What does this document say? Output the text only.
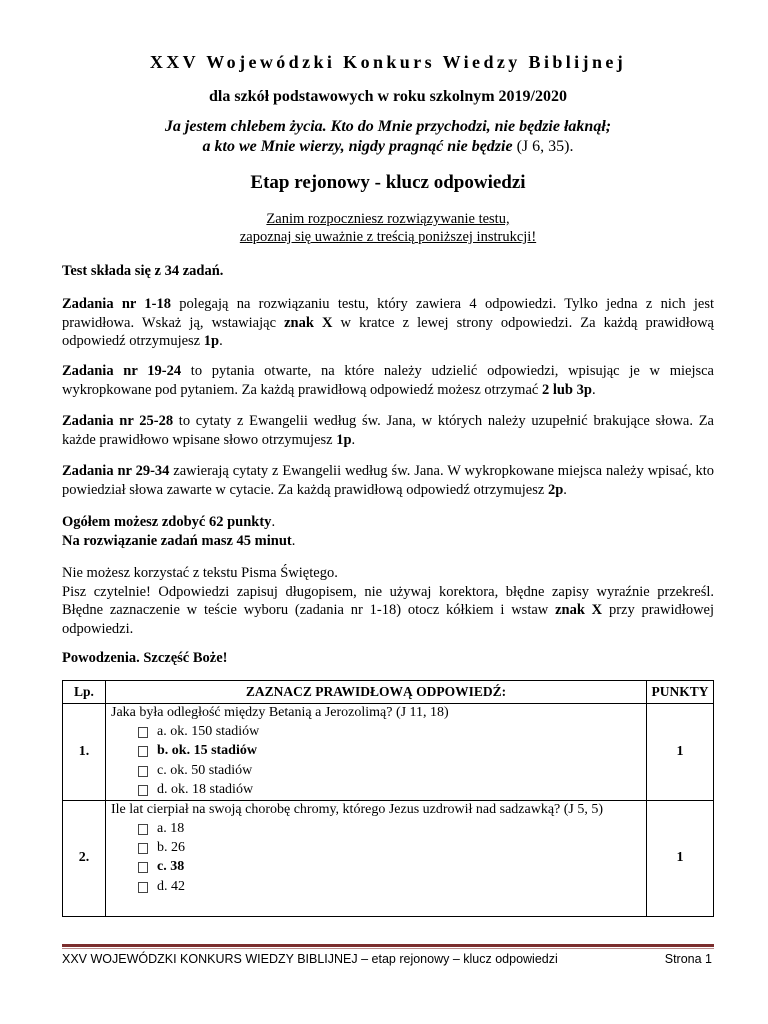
XXV Wojewódzki Konkurs Wiedzy Biblijnej
dla szkół podstawowych w roku szkolnym 2019/2020
Ja jestem chlebem życia. Kto do Mnie przychodzi, nie będzie łaknął;
a kto we Mnie wierzy, nigdy pragnąć nie będzie (J 6, 35).
Etap rejonowy - klucz odpowiedzi
Zanim rozpoczniesz rozwiązywanie testu,
zapoznaj się uważnie z treścią poniższej instrukcji!
Test składa się z 34 zadań.
Zadania nr 1-18 polegają na rozwiązaniu testu, który zawiera 4 odpowiedzi. Tylko jedna z nich jest prawidłowa. Wskaż ją, wstawiając znak X w kratce z lewej strony odpowiedzi. Za każdą prawidłową odpowiedź otrzymujesz 1p.
Zadania nr 19-24 to pytania otwarte, na które należy udzielić odpowiedzi, wpisując je w miejsca wykropkowane pod pytaniem. Za każdą prawidłową odpowiedź możesz otrzymać 2 lub 3p.
Zadania nr 25-28 to cytaty z Ewangelii według św. Jana, w których należy uzupełnić brakujące słowa. Za każde prawidłowo wpisane słowo otrzymujesz 1p.
Zadania nr 29-34 zawierają cytaty z Ewangelii według św. Jana. W wykropkowane miejsca należy wpisać, kto powiedział słowa zawarte w cytacie. Za każdą prawidłową odpowiedź otrzymujesz 2p.
Ogółem możesz zdobyć 62 punkty.
Na rozwiązanie zadań masz 45 minut.
Nie możesz korzystać z tekstu Pisma Świętego.
Pisz czytelnie! Odpowiedzi zapisuj długopisem, nie używaj korektora, błędne zapisy wyraźnie przekreśl. Błędne zaznaczenie w teście wyboru (zadania nr 1-18) otocz kółkiem i wstaw znak X przy prawidłowej odpowiedzi.
Powodzenia. Szczęść Boże!
Lp.	ZAZNACZ PRAWIDŁOWĄ ODPOWIEDŹ:	PUNKTY
1.	Jaka była odległość między Betanią a Jerozolimą? (J 11, 18)
a. ok. 150 stadiów
b. ok. 15 stadiów
c. ok. 50 stadiów
d. ok. 18 stadiów	1
2.	Ile lat cierpiał na swoją chorobę chromy, którego Jezus uzdrowił nad sadzawką? (J 5, 5)
a. 18
b. 26
c. 38
d. 42	1
XXV WOJEWÓDZKI KONKURS WIEDZY BIBLIJNEJ – etap rejonowy – klucz odpowiedzi	Strona 1
